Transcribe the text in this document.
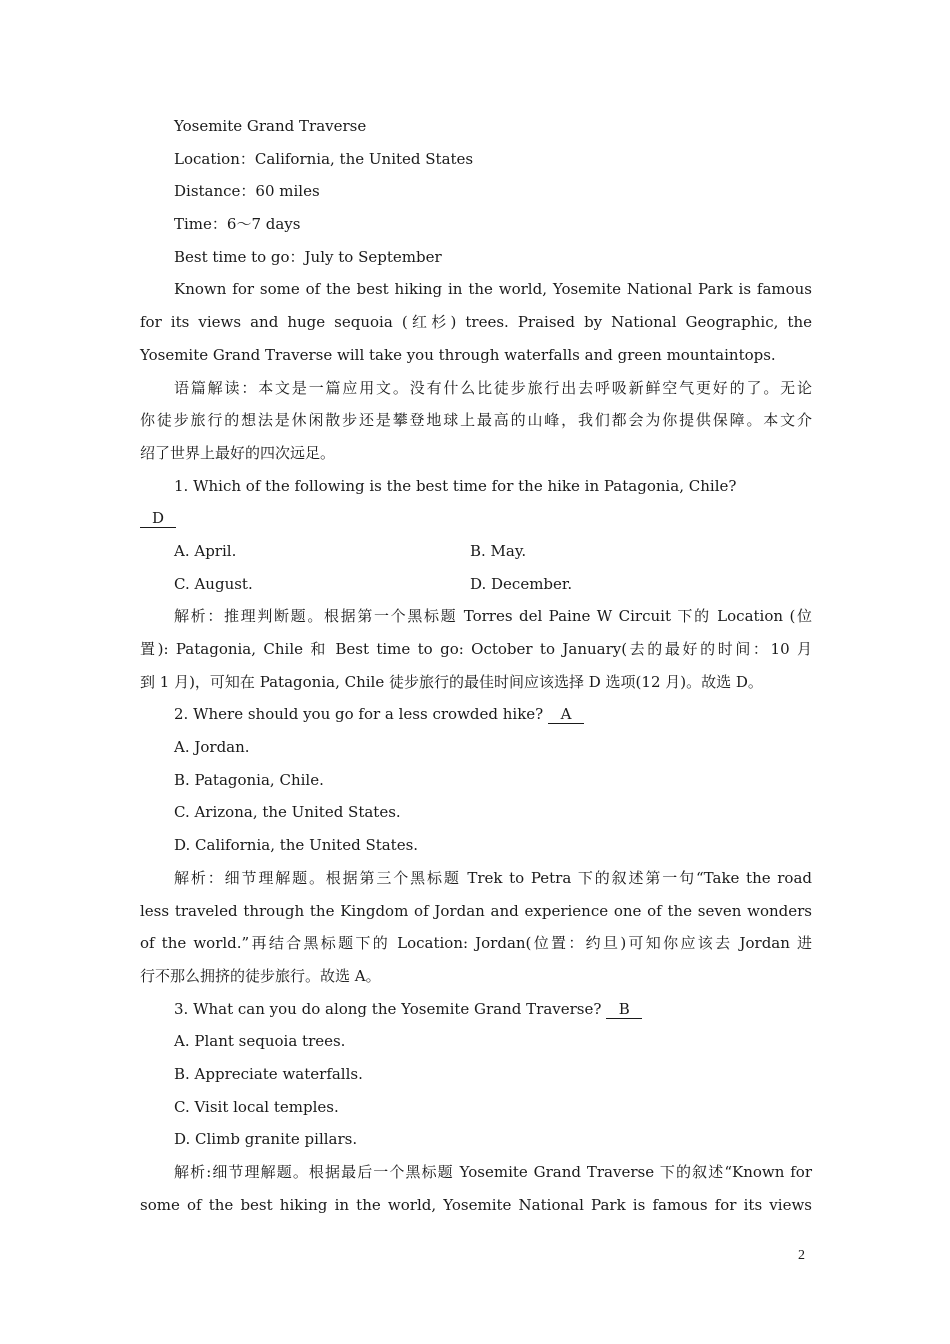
Yosemite Grand Traverse
Location：California, the United States
Distance：60 miles
Time：6～7 days
Best time to go：July to September
Known for some of the best hiking in the world, Yosemite National Park is famous
for its views and huge sequoia (红杉) trees. Praised by National Geographic, the
Yosemite Grand Traverse will take you through waterfalls and green mountaintops.
语篇解读：本文是一篇应用文。没有什么比徒步旅行出去呼吸新鲜空气更好的了。无论
你徒步旅行的想法是休闲散步还是攀登地球上最高的山峰，我们都会为你提供保障。本文介
绍了世界上最好的四次远足。
1. Which of the following is the best time for the hike in Patagonia, Chile?
D
A. April.	B. May.
C. August.	D. December.
解析：推理判断题。根据第一个黑标题 Torres del Paine W Circuit 下的 Location (位
置): Patagonia, Chile 和 Best time to go: October to January(去的最好的时间：10 月
到 1 月)，可知在 Patagonia, Chile 徒步旅行的最佳时间应该选择 D 选项(12 月)。故选 D。
2. Where should you go for a less crowded hike? A
A. Jordan.
B. Patagonia, Chile.
C. Arizona, the United States.
D. California, the United States.
解析：细节理解题。根据第三个黑标题 Trek to Petra 下的叙述第一句“Take the road
less traveled through the Kingdom of Jordan and experience one of the seven wonders
of the world.”再结合黑标题下的 Location: Jordan(位置：约旦)可知你应该去 Jordan 进
行不那么拥挤的徒步旅行。故选 A。
3. What can you do along the Yosemite Grand Traverse? B
A. Plant sequoia trees.
B. Appreciate waterfalls.
C. Visit local temples.
D. Climb granite pillars.
解析:细节理解题。根据最后一个黑标题 Yosemite Grand Traverse 下的叙述“Known for
some of the best hiking in the world, Yosemite National Park is famous for its views
2
